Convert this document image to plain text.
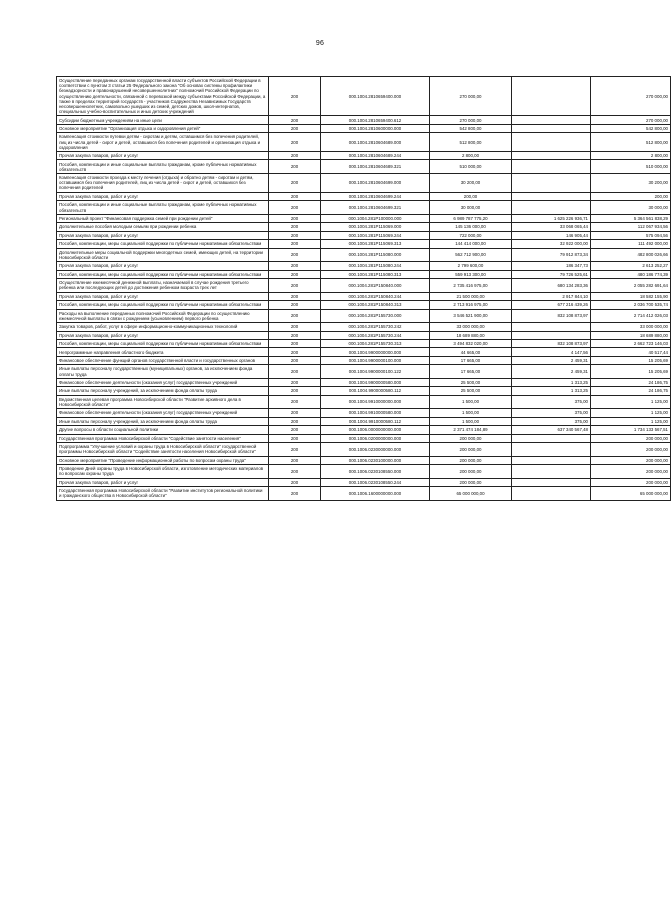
96
Осуществление переданных органам государственной власти субъектов Российской Федерации в соответствии с пунктом 3 статьи 25 Федерального закона "Об основах системы профилактики безнадзорности и правонарушений несовершеннолетних" полномочий Российской Федерации по осуществлению деятельности, связанной с перевозкой между субъектами Российской Федерации, а также в пределах территорий государств - участников Содружества Независимых Государств несовершеннолетних, самовольно ушедших из семей, детских домов, школ-интернатов, специальных учебно-воспитательных и иных детских учреждений	200	000.1004.2810659400.000	270 000,00		270 000,00
Субсидии бюджетным учреждениям на иные цели	200	000.1004.2810659400.612	270 000,00		270 000,00
Основное мероприятие "Организация отдыха и оздоровления детей"	200	000.1004.2810600000.000	542 800,00		542 800,00
Компенсация стоимости путевки детям - сиротам и детям, оставшимся без попечения родителей, лиц из числа детей - сирот и детей, оставшихся без попечения родителей и организация отдыха и оздоровления	200	000.1004.2810604689.000	512 800,00		512 800,00
Прочая закупка товаров, работ и услуг	200	000.1004.2810604689.244	2 800,00		2 800,00
Пособия, компенсации и иные социальные выплаты гражданам, кроме публичных нормативных обязательств	200	000.1004.2810604689.321	510 000,00		510 000,00
Компенсация стоимости проезда к месту лечения (отдыха) и обратно детям - сиротам и детям, оставшимся без попечения родителей, лиц из числа детей - сирот и детей, оставшихся без попечения родителей	200	000.1004.2810604699.000	30 200,00		30 200,00
Прочая закупка товаров, работ и услуг	200	000.1004.2810604699.244	200,00		200,00
Пособия, компенсации и иные социальные выплаты гражданам, кроме публичных нормативных обязательств	200	000.1004.2810604699.321	30 000,00		30 000,00
Региональный проект "Финансовая поддержка семей при рождении детей"	200	000.1004.281P100000.000	6 989 787 775,20	1 625 226 936,71	5 364 561 838,29
Дополнительные пособия молодым семьям при рождении ребенка	200	000.1004.281P115069.000	145 136 000,00	33 068 065,44	112 067 934,56
Прочая закупка товаров, работ и услуг	200	000.1004.281P115069.244	722 000,00	146 905,44	575 094,56
Пособия, компенсации, меры социальной поддержки по публичным нормативным обязательствам	200	000.1004.281P115069.313	144 414 000,00	32 922 000,00	111 492 000,00
Дополнительные меры социальной поддержки многодетных семей, имеющих детей, на территории Новосибирской области	200	000.1004.281P115080.000	562 712 900,00	79 912 873,34	482 800 026,66
Прочая закупка товаров, работ и услуг	200	000.1004.281P115080.244	2 799 600,00	186 347,73	2 613 252,27
Пособия, компенсации, меры социальной поддержки по публичным нормативным обязательствам	200	000.1004.281P115080.313	559 913 300,00	79 726 525,61	480 186 774,39
Осуществление ежемесячной денежной выплаты, назначаемой в случае рождения третьего ребенка или последующих детей до достижения ребенком возраста трех лет	200	000.1004.281P150840.000	2 735 416 975,00	680 134 283,36	2 055 282 691,64
Прочая закупка товаров, работ и услуг	200	000.1004.281P150840.244	21 500 000,00	2 917 844,10	18 582 155,90
Пособия, компенсации, меры социальной поддержки по публичным нормативным обязательствам	200	000.1004.281P150840.313	2 713 916 975,00	677 216 439,26	2 036 700 535,74
Расходы на выполнение переданных полномочий Российской Федерации по осуществлению ежемесячной выплаты в связи с рождением (усыновлением) первого ребенка	200	000.1004.281P155730.000	3 546 521 900,00	832 108 873,97	2 714 412 026,03
Закупка товаров, работ, услуг в сфере информационно-коммуникационных технологий	200	000.1004.281P155730.242	33 000 000,00		33 000 000,00
Прочая закупка товаров, работ и услуг	200	000.1004.281P155730.244	18 689 880,00		18 689 880,00
Пособия, компенсации, меры социальной поддержки по публичным нормативным обязательствам	200	000.1004.281P155730.313	3 494 832 020,00	832 108 873,97	2 662 723 146,03
Непрограммные направления областного бюджета	200	000.1004.9900000000.000	44 665,00	4 147,56	40 517,44
Финансовое обеспечение функций органов государственной власти и государственных органов	200	000.1004.9900000100.000	17 665,00	2 459,31	15 205,69
Иные выплаты персоналу государственных (муниципальных) органов, за исключением фонда оплаты труда	200	000.1004.9900000100.122	17 665,00	2 459,31	15 205,69
Финансовое обеспечение деятельности (оказания услуг) государственных учреждений	200	000.1004.9900000580.000	25 500,00	1 313,25	24 186,75
Иные выплаты персоналу учреждений, за исключением фонда оплаты труда	200	000.1004.9900000580.112	25 500,00	1 313,25	24 186,75
Ведомственная целевая программа Новосибирской области "Развитие архивного дела в Новосибирской области"	200	000.1004.9910000000.000	1 500,00	375,00	1 125,00
Финансовое обеспечение деятельности (оказания услуг) государственных учреждений	200	000.1004.9910000580.000	1 500,00	375,00	1 125,00
Иные выплаты персоналу учреждений, за исключением фонда оплаты труда	200	000.1004.9910000580.112	1 500,00	375,00	1 125,00
Другие вопросы в области социальной политики	200	000.1006.0000000000.000	2 371 474 184,89	637 340 567,48	1 734 133 567,51
Государственная программа Новосибирской области "Содействие занятости населения"	200	000.1006.0200000000.000	200 000,00		200 000,00
Подпрограмма "Улучшение условий и охраны труда в Новосибирской области" государственной программы Новосибирской области "Содействие занятости населения Новосибирской области"	200	000.1006.0230000000.000	200 000,00		200 000,00
Основное мероприятие "Проведение информационной работы по вопросам охраны труда"	200	000.1006.0230100000.000	200 000,00		200 000,00
Проведение Дней охраны труда в Новосибирской области, изготовление методических материалов по вопросам охраны труда	200	000.1006.0230108550.000	200 000,00		200 000,00
Прочая закупка товаров, работ и услуг	200	000.1006.0230108550.244	200 000,00		200 000,00
Государственная программа Новосибирской области "Развитие институтов региональной политики и гражданского общества в Новосибирской области"	200	000.1006.1600000000.000	65 000 000,00		65 000 000,00
